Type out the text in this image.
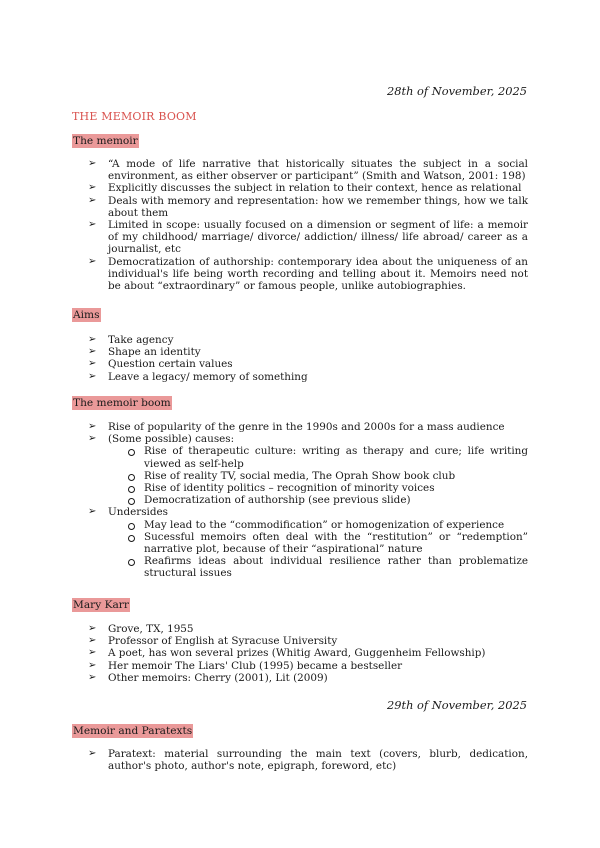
28th of November, 2025
THE MEMOIR BOOM
The memoir
➢ “A mode of life narrative that historically situates the subject in a social environment, as either observer or participant” (Smith and Watson, 2001: 198)
➢ Explicitly discusses the subject in relation to their context, hence as relational
➢ Deals with memory and representation: how we remember things, how we talk about them
➢ Limited in scope: usually focused on a dimension or segment of life: a memoir of my childhood/ marriage/ divorce/ addiction/ illness/ life abroad/ career as a journalist, etc
➢ Democratization of authorship: contemporary idea about the uniqueness of an individual's life being worth recording and telling about it. Memoirs need not be about “extraordinary” or famous people, unlike autobiographies.
Aims
➢ Take agency
➢ Shape an identity
➢ Question certain values
➢ Leave a legacy/ memory of something
The memoir boom
➢ Rise of popularity of the genre in the 1990s and 2000s for a mass audience
➢ (Some possible) causes:
Rise of therapeutic culture: writing as therapy and cure; life writing viewed as self-help
Rise of reality TV, social media, The Oprah Show book club
Rise of identity politics – recognition of minority voices
Democratization of authorship (see previous slide)
➢ Undersides
May lead to the “commodification” or homogenization of experience
Sucessful memoirs often deal with the “restitution” or “redemption” narrative plot, because of their “aspirational” nature
Reafirms ideas about individual resilience rather than problematize structural issues
Mary Karr
➢ Grove, TX, 1955
➢ Professor of English at Syracuse University
➢ A poet, has won several prizes (Whitig Award, Guggenheim Fellowship)
➢ Her memoir The Liars' Club (1995) became a bestseller
➢ Other memoirs: Cherry (2001), Lit (2009)
29th of November, 2025
Memoir and Paratexts
➢ Paratext: material surrounding the main text (covers, blurb, dedication, author's photo, author's note, epigraph, foreword, etc)
